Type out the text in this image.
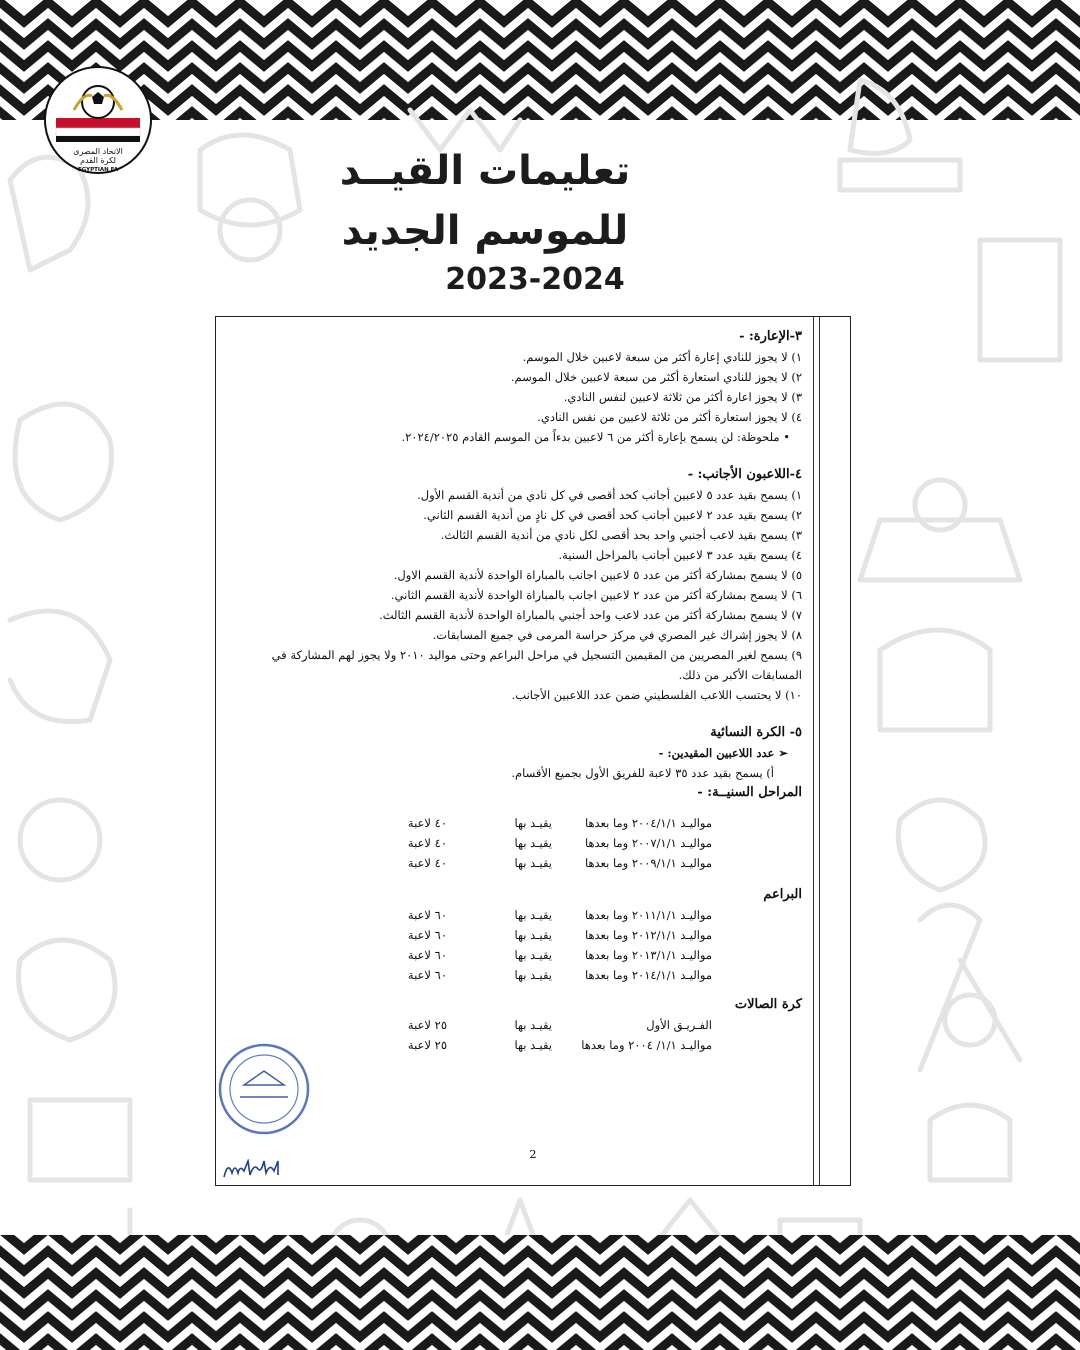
الاتحاد المصرى
لكرة القدم
EGYPTIAN FA	تعليمات القيــد
للموسم الجديد
2023-2024

٣-الإعارة: -

١) لا يجوز للنادي إعارة أكثر من سبعة لاعبين خلال الموسم.

٢) لا يجوز للنادي استعارة أكثر من سبعة لاعبين خلال الموسم.

٣) لا يجوز اعارة أكثر من ثلاثة لاعبين لنفس النادي.

٤) لا يجوز استعارة أكثر من ثلاثة لاعبين من نفس النادي.

• ملحوظة: لن يسمح بإعارة أكثر من ٦ لاعبين بدءاً من الموسم القادم ٢٠٢٤/٢٠٢٥.

٤-اللاعبون الأجانب: -

١) يسمح بقيد عدد ٥ لاعبين أجانب كحد أقصى في كل نادي من أندية القسم الأول.

٢) يسمح بقيد عدد ٢ لاعبين أجانب كحد أقصى في كل نادٍ من أندية القسم الثاني.

٣) يسمح بقيد لاعب أجنبي واحد بحد أقصى لكل نادي من أندية القسم الثالث.

٤) يسمح بقيد عدد ٣ لاعبين أجانب بالمراحل السنية.

٥) لا يسمح بمشاركة أكثر من عدد ٥ لاعبين اجانب بالمباراة الواحدة لأندية القسم الاول.

٦) لا يسمح بمشاركة أكثر من عدد ٢ لاعبين اجانب بالمباراة الواحدة لأندية القسم الثاني.

٧) لا يسمح بمشاركة أكثر من عدد لاعب واحد أجنبي بالمباراة الواحدة لأندية القسم الثالث.

٨) لا يجوز إشراك غير المصري في مركز حراسة المرمى في جميع المسابقات.

٩) يسمح لغير المصريين من المقيمين التسجيل في مراحل البراعم وحتى مواليد ٢٠١٠ ولا يجوز لهم المشاركة في المسابقات الأكبر من ذلك.

١٠) لا يحتسب اللاعب الفلسطيني ضمن عدد اللاعبين الأجانب.

٥- الكرة النسائية

➢ عدد اللاعبين المقيدين: -

أ) يسمح بقيد عدد ٣٥ لاعبة للفريق الأول بجميع الأقسام.

المراحل السنيــة: -

مواليـد ٢٠٠٤/١/١ وما بعدها
يقيـد بها
٤٠ لاعبة
مواليـد ٢٠٠٧/١/١ وما بعدها
يقيـد بها
٤٠ لاعبة
مواليـد ٢٠٠٩/١/١ وما بعدها
يقيـد بها
٤٠ لاعبة

البراعم

مواليـد ٢٠١١/١/١ وما بعدها
يقيـد بها
٦٠ لاعبة
مواليـد ٢٠١٢/١/١ وما بعدها
يقيـد بها
٦٠ لاعبة
مواليـد ٢٠١٣/١/١ وما بعدها
يقيـد بها
٦٠ لاعبة
مواليـد ٢٠١٤/١/١ وما بعدها
يقيـد بها
٦٠ لاعبة

كرة الصالات

الفـريـق الأول
يقيـد بها
٢٥ لاعبة
مواليـد ١/١/ ٢٠٠٤ وما بعدها
يقيـد بها
٢٥ لاعبة
2
